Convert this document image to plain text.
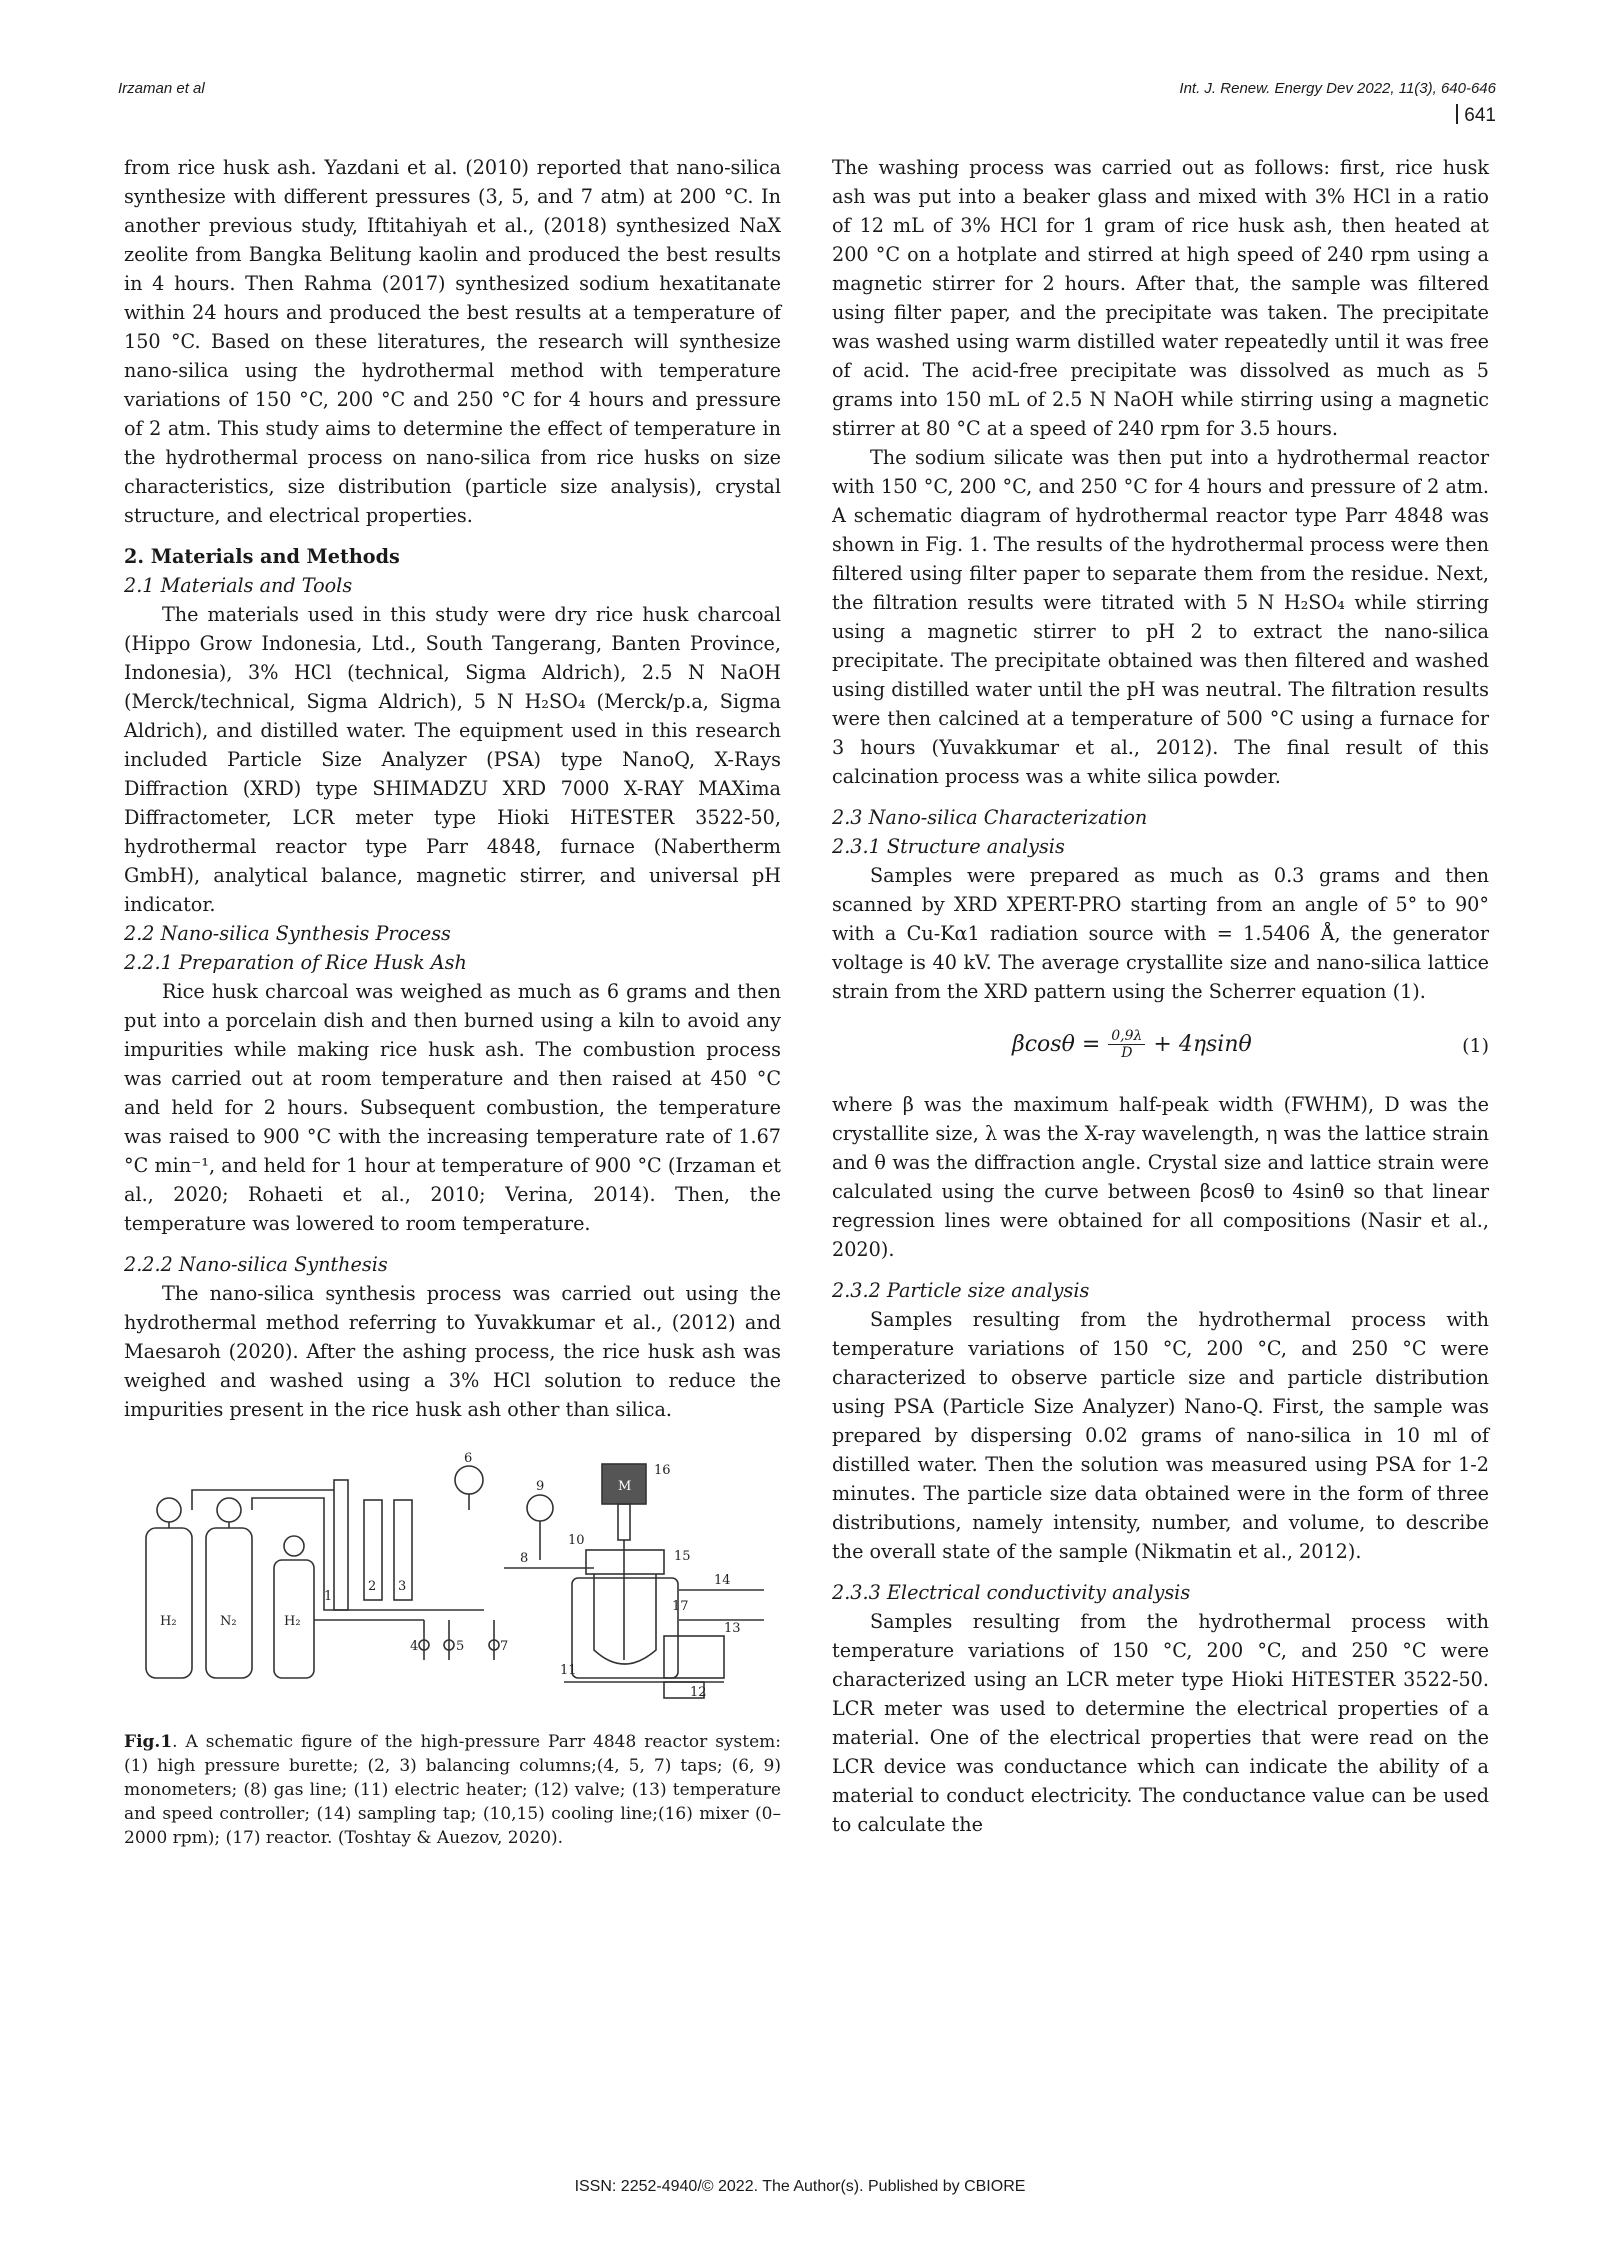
Irzaman et al	Int. J. Renew. Energy Dev 2022, 11(3), 640-646
641

from rice husk ash. Yazdani et al. (2010) reported that nano-silica synthesize with different pressures (3, 5, and 7 atm) at 200 °C. In another previous study, Iftitahiyah et al., (2018) synthesized NaX zeolite from Bangka Belitung kaolin and produced the best results in 4 hours. Then Rahma (2017) synthesized sodium hexatitanate within 24 hours and produced the best results at a temperature of 150 °C. Based on these literatures, the research will synthesize nano-silica using the hydrothermal method with temperature variations of 150 °C, 200 °C and 250 °C for 4 hours and pressure of 2 atm. This study aims to determine the effect of temperature in the hydrothermal process on nano-silica from rice husks on size characteristics, size distribution (particle size analysis), crystal structure, and electrical properties.

2. Materials and Methods

2.1 Materials and Tools

The materials used in this study were dry rice husk charcoal (Hippo Grow Indonesia, Ltd., South Tangerang, Banten Province, Indonesia), 3% HCl (technical, Sigma Aldrich), 2.5 N NaOH (Merck/technical, Sigma Aldrich), 5 N H₂SO₄ (Merck/p.a, Sigma Aldrich), and distilled water. The equipment used in this research included Particle Size Analyzer (PSA) type NanoQ, X-Rays Diffraction (XRD) type SHIMADZU XRD 7000 X-RAY MAXima Diffractometer, LCR meter type Hioki HiTESTER 3522-50, hydrothermal reactor type Parr 4848, furnace (Nabertherm GmbH), analytical balance, magnetic stirrer, and universal pH indicator.

2.2 Nano-silica Synthesis Process

2.2.1 Preparation of Rice Husk Ash

Rice husk charcoal was weighed as much as 6 grams and then put into a porcelain dish and then burned using a kiln to avoid any impurities while making rice husk ash. The combustion process was carried out at room temperature and then raised at 450 °C and held for 2 hours. Subsequent combustion, the temperature was raised to 900 °C with the increasing temperature rate of 1.67 °C min⁻¹, and held for 1 hour at temperature of 900 °C (Irzaman et al., 2020; Rohaeti et al., 2010; Verina, 2014). Then, the temperature was lowered to room temperature.

2.2.2 Nano-silica Synthesis

The nano-silica synthesis process was carried out using the hydrothermal method referring to Yuvakkumar et al., (2012) and Maesaroh (2020). After the ashing process, the rice husk ash was weighed and washed using a 3% HCl solution to reduce the impurities present in the rice husk ash other than silica.

H₂	N₂	H₂
M
1
2 3
4	5
6
7
8
9
10
11
12
13
14
15
16
17
Fig.1. A schematic figure of the high-pressure Parr 4848 reactor system: (1) high pressure burette; (2, 3) balancing columns;(4, 5, 7) taps; (6, 9) monometers; (8) gas line; (11) electric heater; (12) valve; (13) temperature and speed controller; (14) sampling tap; (10,15) cooling line;(16) mixer (0–2000 rpm); (17) reactor. (Toshtay & Auezov, 2020).

The washing process was carried out as follows: first, rice husk ash was put into a beaker glass and mixed with 3% HCl in a ratio of 12 mL of 3% HCl for 1 gram of rice husk ash, then heated at 200 °C on a hotplate and stirred at high speed of 240 rpm using a magnetic stirrer for 2 hours. After that, the sample was filtered using filter paper, and the precipitate was taken. The precipitate was washed using warm distilled water repeatedly until it was free of acid. The acid-free precipitate was dissolved as much as 5 grams into 150 mL of 2.5 N NaOH while stirring using a magnetic stirrer at 80 °C at a speed of 240 rpm for 3.5 hours.

The sodium silicate was then put into a hydrothermal reactor with 150 °C, 200 °C, and 250 °C for 4 hours and pressure of 2 atm. A schematic diagram of hydrothermal reactor type Parr 4848 was shown in Fig. 1. The results of the hydrothermal process were then filtered using filter paper to separate them from the residue. Next, the filtration results were titrated with 5 N H₂SO₄ while stirring using a magnetic stirrer to pH 2 to extract the nano-silica precipitate. The precipitate obtained was then filtered and washed using distilled water until the pH was neutral. The filtration results were then calcined at a temperature of 500 °C using a furnace for 3 hours (Yuvakkumar et al., 2012). The final result of this calcination process was a white silica powder.

2.3 Nano-silica Characterization

2.3.1 Structure analysis

Samples were prepared as much as 0.3 grams and then scanned by XRD XPERT-PRO starting from an angle of 5° to 90° with a Cu-Kα1 radiation source with = 1.5406 Å, the generator voltage is 40 kV. The average crystallite size and nano-silica lattice strain from the XRD pattern using the Scherrer equation (1).

$\beta\cos\theta = \frac{0,9\lambda}{D} + 4\eta\sin\theta$	(1)

where β was the maximum half-peak width (FWHM), D was the crystallite size, λ was the X-ray wavelength, η was the lattice strain and θ was the diffraction angle. Crystal size and lattice strain were calculated using the curve between βcosθ to 4sinθ so that linear regression lines were obtained for all compositions (Nasir et al., 2020).

2.3.2 Particle size analysis

Samples resulting from the hydrothermal process with temperature variations of 150 °C, 200 °C, and 250 °C were characterized to observe particle size and particle distribution using PSA (Particle Size Analyzer) Nano-Q. First, the sample was prepared by dispersing 0.02 grams of nano-silica in 10 ml of distilled water. Then the solution was measured using PSA for 1-2 minutes. The particle size data obtained were in the form of three distributions, namely intensity, number, and volume, to describe the overall state of the sample (Nikmatin et al., 2012).

2.3.3 Electrical conductivity analysis

Samples resulting from the hydrothermal process with temperature variations of 150 °C, 200 °C, and 250 °C were characterized using an LCR meter type Hioki HiTESTER 3522-50. LCR meter was used to determine the electrical properties of a material. One of the electrical properties that were read on the LCR device was conductance which can indicate the ability of a material to conduct electricity. The conductance value can be used to calculate the

ISSN: 2252-4940/© 2022. The Author(s). Published by CBIORE
